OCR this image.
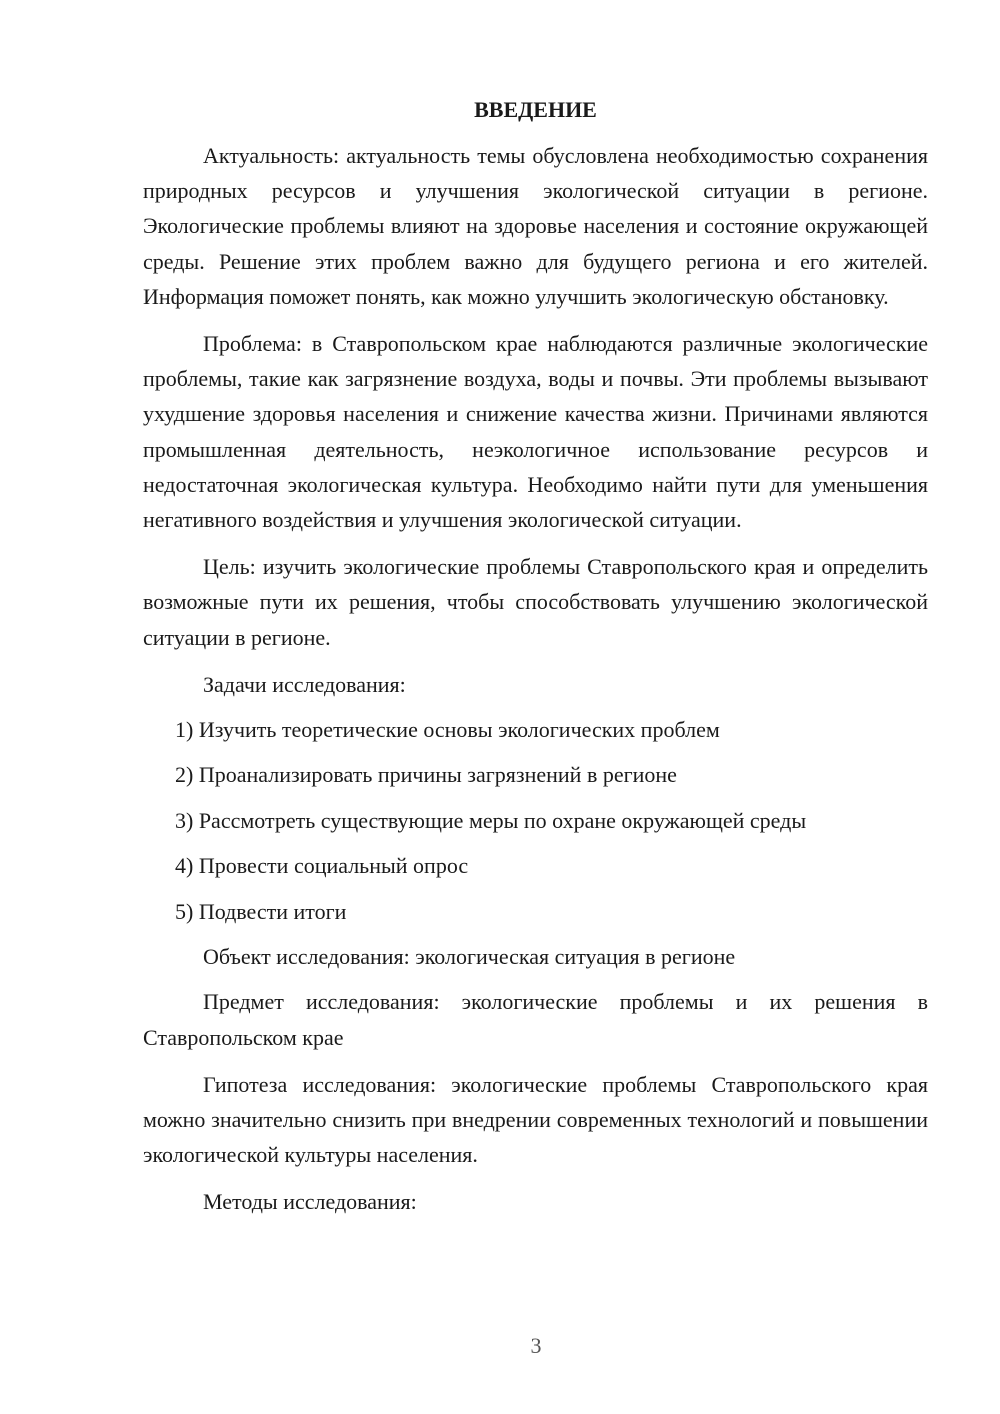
ВВЕДЕНИЕ

Актуальность: актуальность темы обусловлена необходимостью сохранения природных ресурсов и улучшения экологической ситуации в регионе. Экологические проблемы влияют на здоровье населения и состояние окружающей среды. Решение этих проблем важно для будущего региона и его жителей. Информация поможет понять, как можно улучшить экологическую обстановку.

Проблема: в Ставропольском крае наблюдаются различные экологические проблемы, такие как загрязнение воздуха, воды и почвы. Эти проблемы вызывают ухудшение здоровья населения и снижение качества жизни. Причинами являются промышленная деятельность, неэкологичное использование ресурсов и недостаточная экологическая культура. Необходимо найти пути для уменьшения негативного воздействия и улучшения экологической ситуации.

Цель: изучить экологические проблемы Ставропольского края и определить возможные пути их решения, чтобы способствовать улучшению экологической ситуации в регионе.

Задачи исследования:

1) Изучить теоретические основы экологических проблем
2) Проанализировать причины загрязнений в регионе
3) Рассмотреть существующие меры по охране окружающей среды
4) Провести социальный опрос
5) Подвести итоги

Объект исследования: экологическая ситуация в регионе

Предмет исследования: экологические проблемы и их решения в Ставропольском крае

Гипотеза исследования: экологические проблемы Ставропольского края можно значительно снизить при внедрении современных технологий и повышении экологической культуры населения.

Методы исследования:

3
